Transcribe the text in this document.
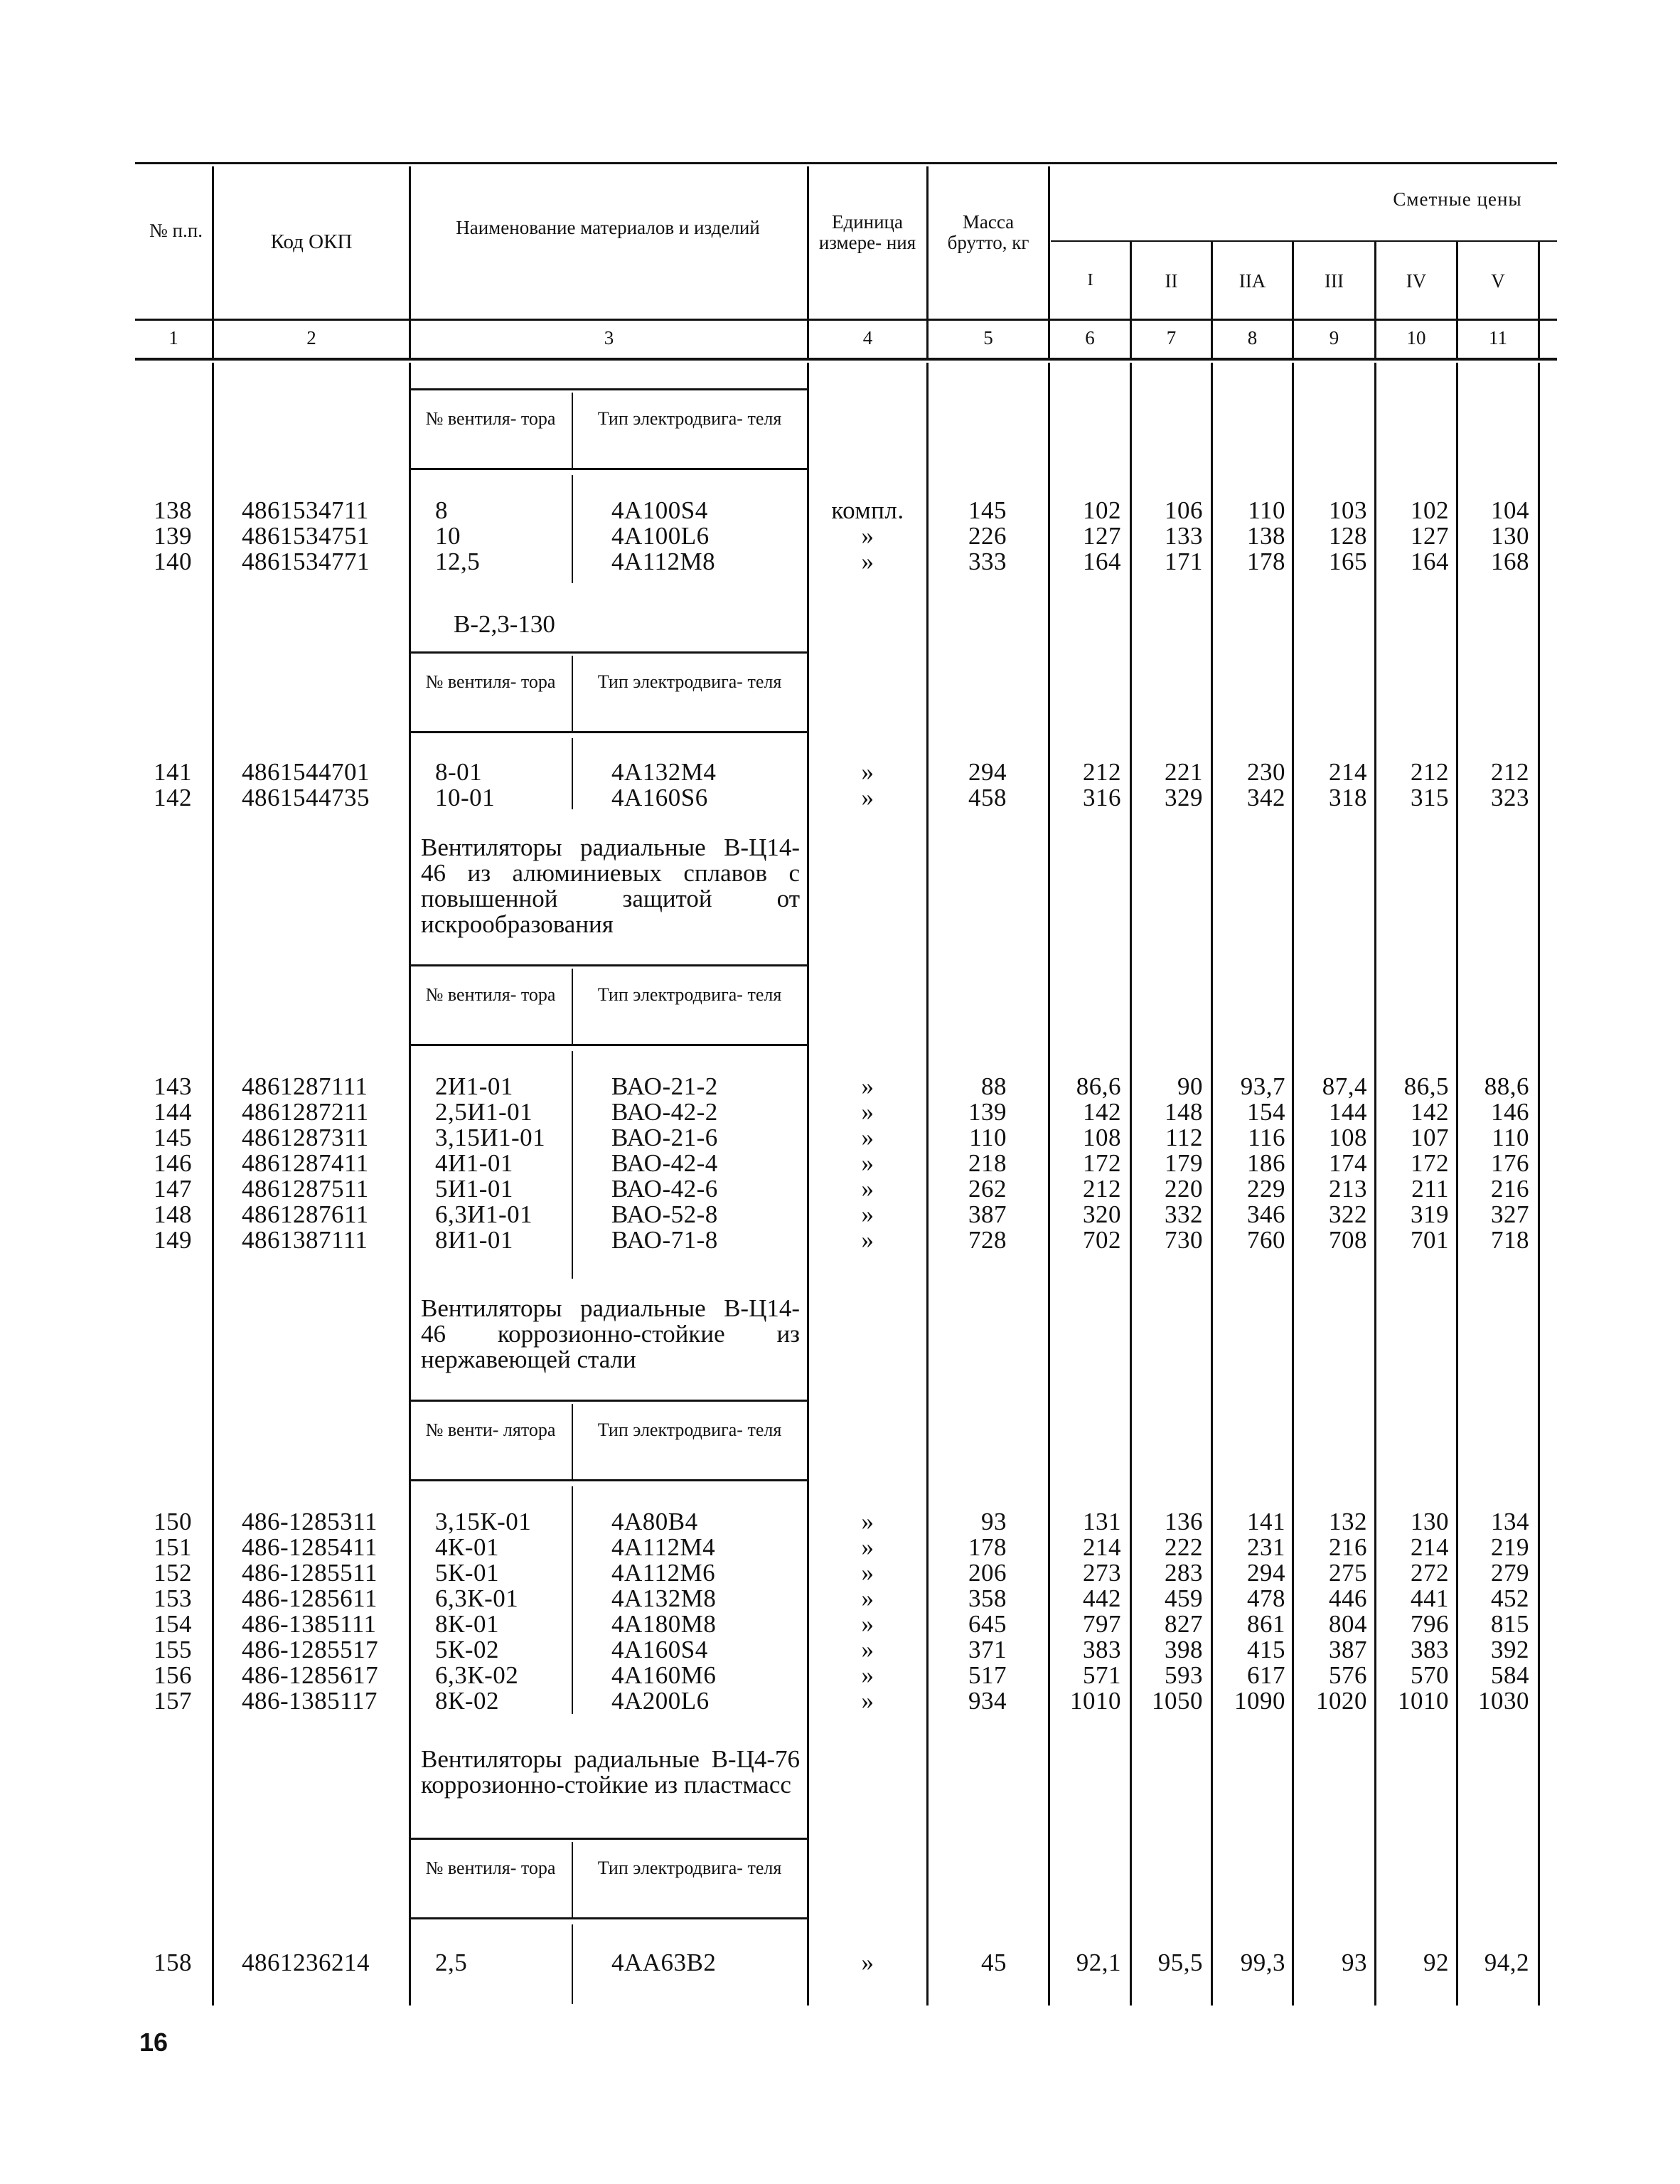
№ п.п.	Код ОКП
Наименование материалов и изделий	Единица измере- ния
Масса брутто, кг
Сметные цены
I	II	IIA	III	IV	V
1	2	3	4	5	6	7	8	9	10	11
№ вентиля- тора	Тип электродвига- теля
В-2,3-130
№ вентиля- тора	Тип электродвига- теля
Вентиляторы радиальные В-Ц14-46 из алюминиевых сплавов с повышенной защитой от искрообразования
№ вентиля- тора	Тип электродвига- теля
Вентиляторы радиальные В-Ц14-46 коррозионно-стойкие из нержавеющей стали
№ венти- лятора	Тип электродвига- теля
Вентиляторы радиальные В-Ц4-76 коррозионно-стойкие из пластмасс
№ вентиля- тора	Тип электродвига- теля
138 4861534711	8	4A100S4	компл.	145	102	106	110	103	102	104
139 4861534751	10	4A100L6	»	226	127	133	138	128	127	130
140 4861534771	12,5	4A112M8	»	333	164	171	178	165	164	168
141 4861544701	8-01	4A132M4	»	294	212	221	230	214	212	212
142 4861544735	10-01	4A160S6	»	458	316	329	342	318	315	323
143 4861287111	2И1-01	ВАО-21-2	»	88	86,6	90	93,7	87,4	86,5	88,6
144 4861287211	2,5И1-01	ВАО-42-2	»	139	142	148	154	144	142	146
145 4861287311	3,15И1-01	ВАО-21-6	»	110	108	112	116	108	107	110
146 4861287411	4И1-01	ВАО-42-4	»	218	172	179	186	174	172	176
147 4861287511	5И1-01	ВАО-42-6	»	262	212	220	229	213	211	216
148 4861287611	6,3И1-01	ВАО-52-8	»	387	320	332	346	322	319	327
149 4861387111	8И1-01	ВАО-71-8	»	728	702	730	760	708	701	718
150 486-1285311	3,15К-01	4A80B4	»	93	131	136	141	132	130	134
151 486-1285411	4К-01	4A112M4	»	178	214	222	231	216	214	219
152 486-1285511	5К-01	4A112M6	»	206	273	283	294	275	272	279
153 486-1285611	6,3К-01	4A132M8	»	358	442	459	478	446	441	452
154 486-1385111	8К-01	4A180M8	»	645	797	827	861	804	796	815
155 486-1285517	5К-02	4A160S4	»	371	383	398	415	387	383	392
156 486-1285617	6,3К-02	4A160M6	»	517	571	593	617	576	570	584
157 486-1385117	8К-02	4A200L6	»	934	1010	1050	1090	1020	1010	1030
158 4861236214	2,5	4AA63B2	»	45	92,1	95,5	99,3	93	92	94,2
16
